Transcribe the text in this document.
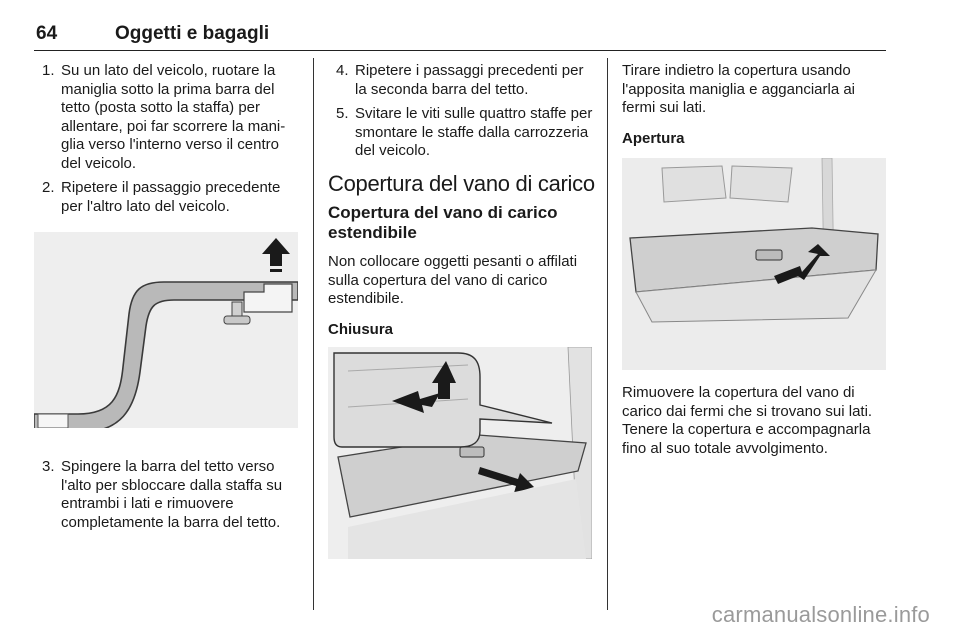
64	Oggetti e bagagli
1. Su un lato del veicolo, ruotare la maniglia sotto la prima barra del tetto (posta sotto la staffa) per allentare, poi far scorrere la mani-glia verso l'interno verso il centro del veicolo.
2. Ripetere il passaggio precedente per l'altro lato del veicolo.
3. Spingere la barra del tetto verso l'alto per sbloccare dalla staffa su entrambi i lati e rimuovere completamente la barra del tetto.
4. Ripetere i passaggi precedenti per la seconda barra del tetto.
5. Svitare le viti sulle quattro staffe per smontare le staffe dalla carrozzeria del veicolo.
Copertura del vano di carico
Copertura del vano di carico estendibile

Non collocare oggetti pesanti o affilati sulla copertura del vano di carico estendibile.

Chiusura

Tirare indietro la copertura usando l'apposita maniglia e agganciarla ai fermi sui lati.

Apertura

Rimuovere la copertura del vano di carico dai fermi che si trovano sui lati. Tenere la copertura e accompagnarla fino al suo totale avvolgimento.

carmanualsonline.info
